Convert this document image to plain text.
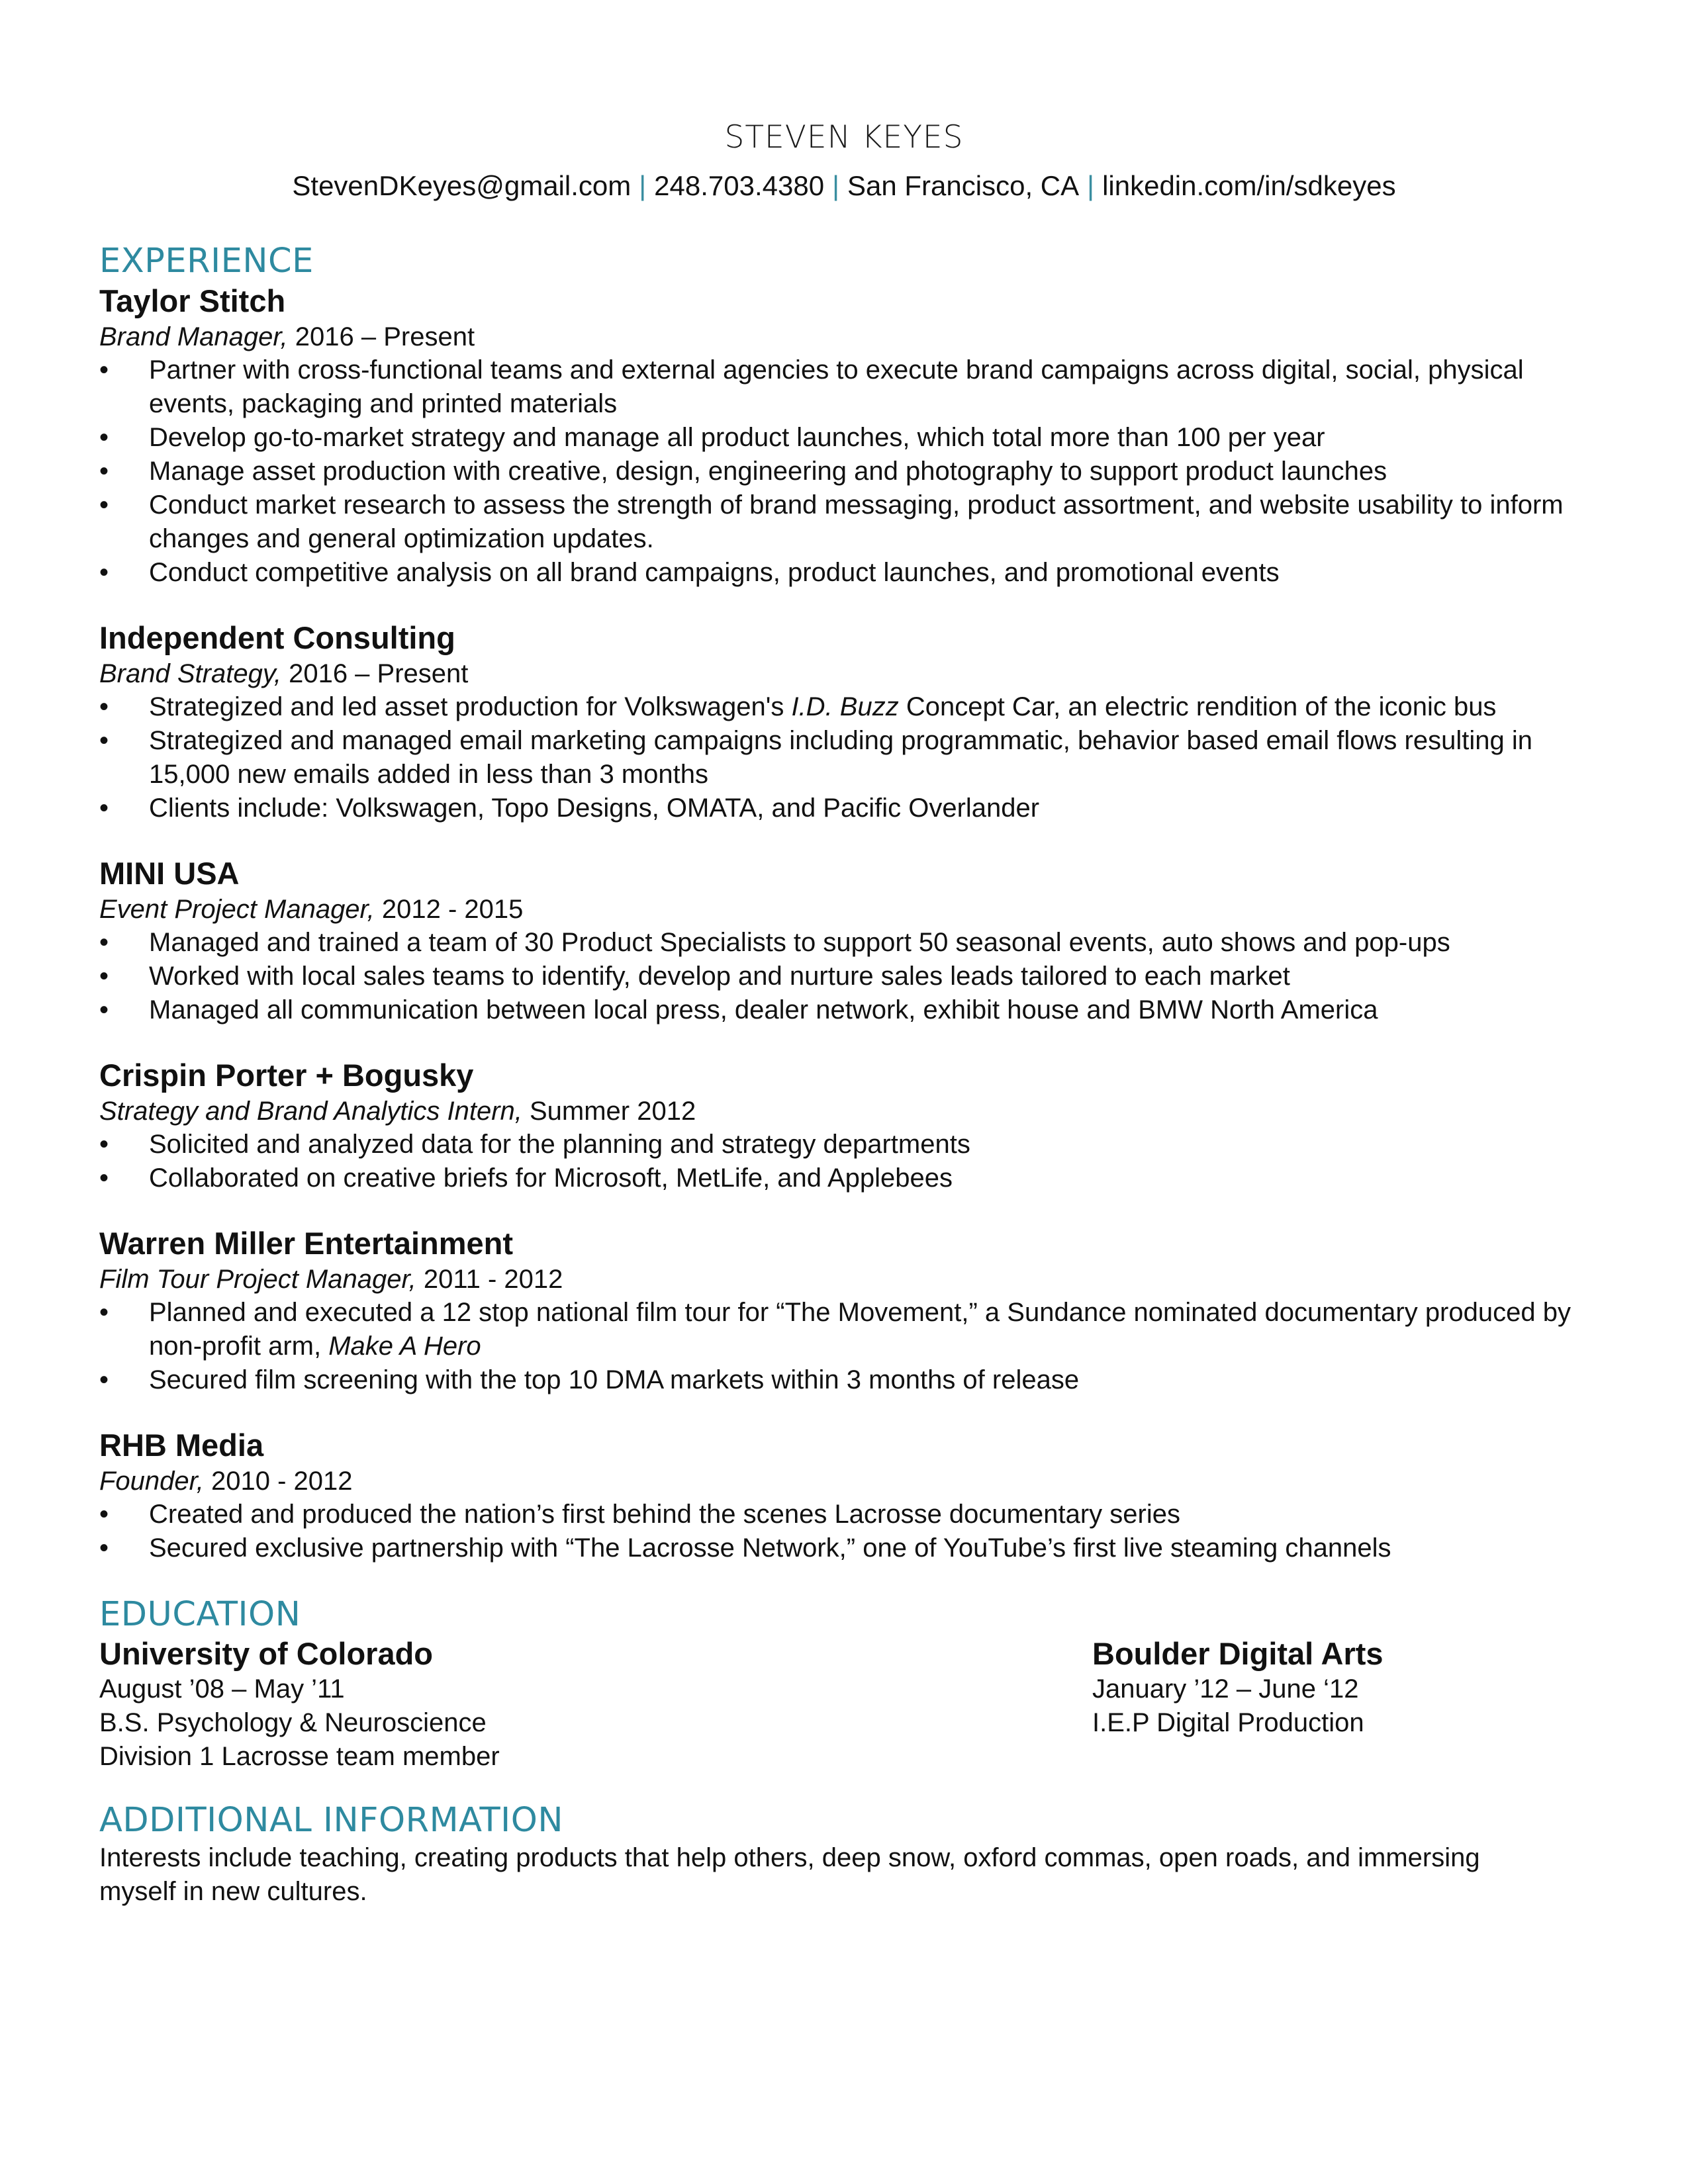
STEVEN KEYES
StevenDKeyes@gmail.com | 248.703.4380 | San Francisco, CA | linkedin.com/in/sdkeyes
EXPERIENCE
Taylor Stitch
Brand Manager, 2016 – Present
•	Partner with cross-functional teams and external agencies to execute brand campaigns across digital, social, physical events, packaging and printed materials
•	Develop go-to-market strategy and manage all product launches, which total more than 100 per year
•	Manage asset production with creative, design, engineering and photography to support product launches
•	Conduct market research to assess the strength of brand messaging, product assortment, and website usability to inform changes and general optimization updates.
•	Conduct competitive analysis on all brand campaigns, product launches, and promotional events
Independent Consulting
Brand Strategy, 2016 – Present
•	Strategized and led asset production for Volkswagen's I.D. Buzz Concept Car, an electric rendition of the iconic bus
•	Strategized and managed email marketing campaigns including programmatic, behavior based email flows resulting in 15,000 new emails added in less than 3 months
•	Clients include: Volkswagen, Topo Designs, OMATA, and Pacific Overlander
MINI USA
Event Project Manager, 2012 - 2015
•	Managed and trained a team of 30 Product Specialists to support 50 seasonal events, auto shows and pop-ups
•	Worked with local sales teams to identify, develop and nurture sales leads tailored to each market
•	Managed all communication between local press, dealer network, exhibit house and BMW North America
Crispin Porter + Bogusky
Strategy and Brand Analytics Intern, Summer 2012
•	Solicited and analyzed data for the planning and strategy departments
•	Collaborated on creative briefs for Microsoft, MetLife, and Applebees
Warren Miller Entertainment
Film Tour Project Manager, 2011 - 2012
•	Planned and executed a 12 stop national film tour for “The Movement,” a Sundance nominated documentary produced by non-profit arm, Make A Hero
•	Secured film screening with the top 10 DMA markets within 3 months of release
RHB Media
Founder, 2010 - 2012
•	Created and produced the nation’s first behind the scenes Lacrosse documentary series
•	Secured exclusive partnership with “The Lacrosse Network,” one of YouTube’s first live steaming channels
EDUCATION
University of Colorado
August ’08 – May ’11
B.S. Psychology & Neuroscience
Division 1 Lacrosse team member
Boulder Digital Arts
January ’12 – June ‘12
I.E.P Digital Production
ADDITIONAL INFORMATION

Interests include teaching, creating products that help others, deep snow, oxford commas, open roads, and immersing myself in new cultures.
